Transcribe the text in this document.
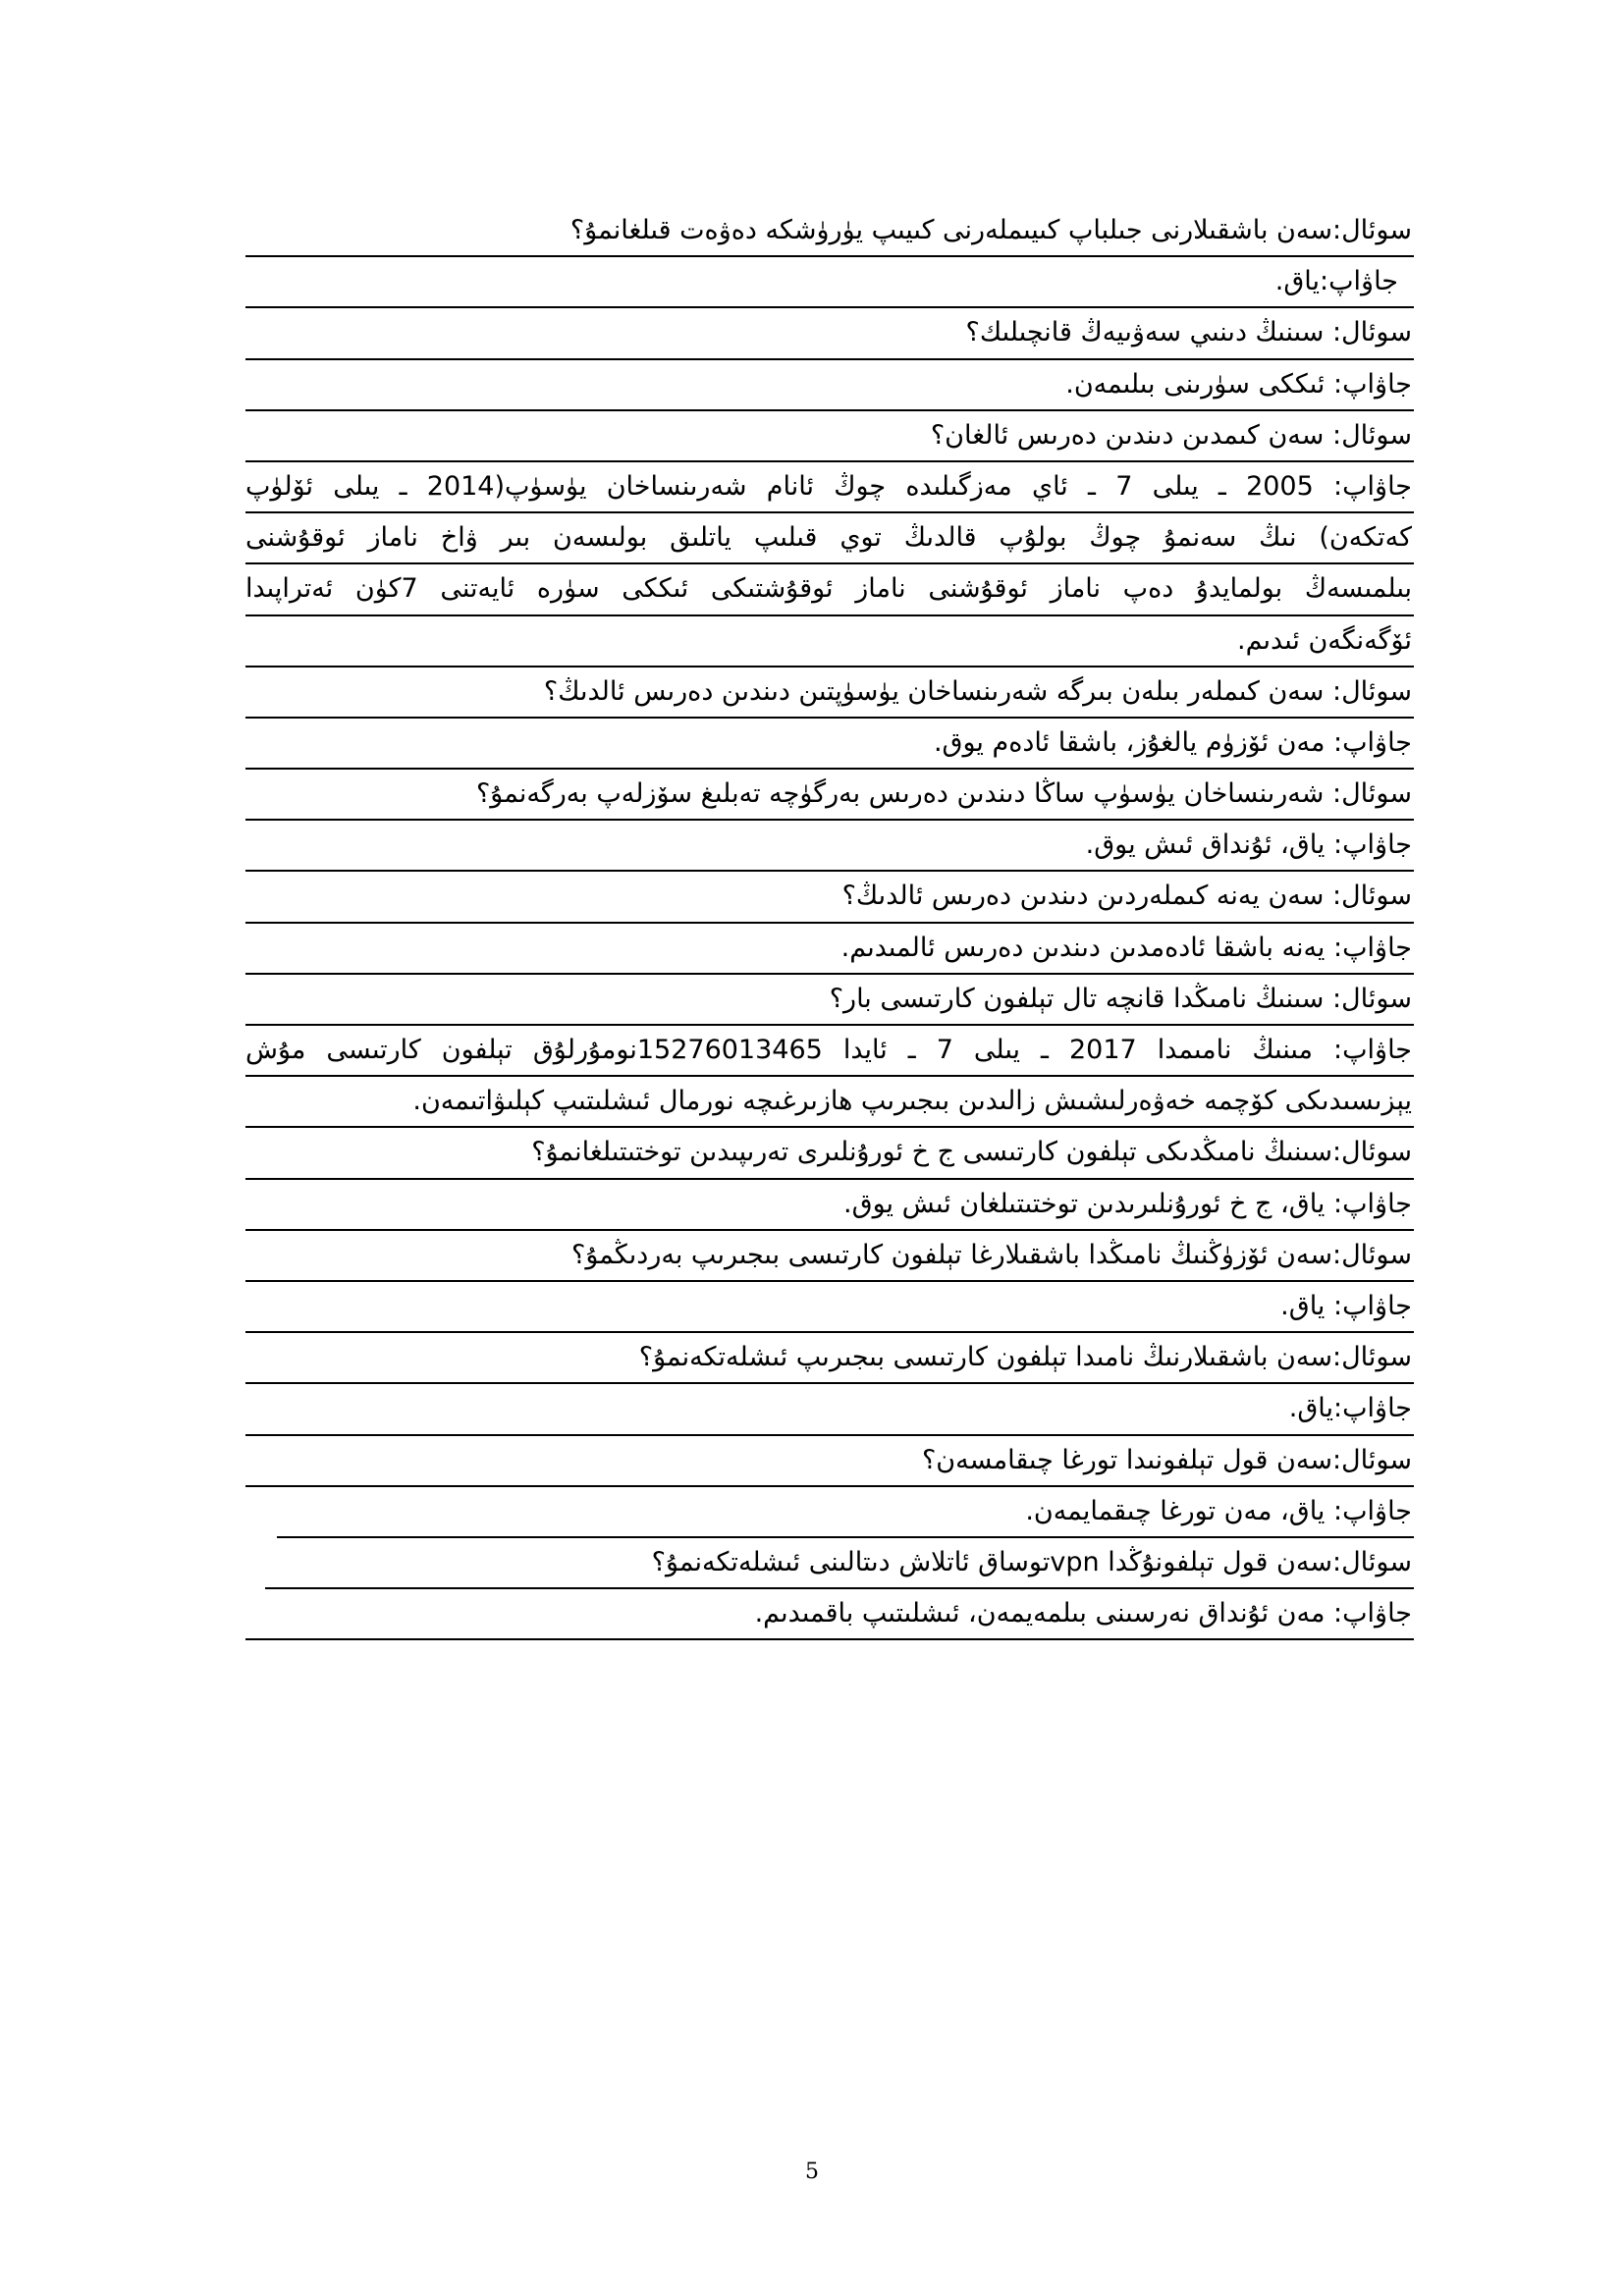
سوئال:سەن باشقىلارنى جىلباپ كىيىملەرنى كىيىپ يۈرۈشكە دەۋەت قىلغانمۇ؟
جاۋاپ:ياق.
سوئال: سىنىڭ دىنىي سەۋىيەڭ قانچىلىك؟
جاۋاپ: ئىككى سۈرىنى بىلىمەن.
سوئال: سەن كىمدىن دىندىن دەرىس ئالغان؟
جاۋاپ: 2005 ـ يىلى 7 ـ ئاي مەزگىلىدە چوڭ ئانام شەرىنساخان يۈسۈپ(2014 ـ يىلى ئۆلۈپ
كەتكەن) نىڭ سەنمۇ چوڭ بولۇپ قالدىڭ توي قىلىپ ياتلىق بولىسەن بىر ۋاخ ناماز ئوقۇشنى
بىلمىسەڭ بولمايدۇ دەپ ناماز ئوقۇشنى ناماز ئوقۇشتىكى ئىككى سۈرە ئايەتنى 7كۈن ئەتراپىدا
ئۆگەنگەن ئىدىم.
سوئال: سەن كىملەر بىلەن بىرگە شەرىنساخان يۈسۈپتىن دىندىن دەرىس ئالدىڭ؟
جاۋاپ: مەن ئۆزۈم يالغۇز، باشقا ئادەم يوق.
سوئال: شەرىنساخان يۈسۈپ ساڭا دىندىن دەرىس بەرگۈچە تەبلىغ سۆزلەپ بەرگەنمۇ؟
جاۋاپ: ياق، ئۇنداق ئىش يوق.
سوئال: سەن يەنە كىملەردىن دىندىن دەرىس ئالدىڭ؟
جاۋاپ: يەنە باشقا ئادەمدىن دىندىن دەرىس ئالمىدىم.
سوئال: سىنىڭ نامىڭدا قانچە تال تېلفون كارتىسى بار؟
جاۋاپ: مىنىڭ نامىمدا 2017 ـ يىلى 7 ـ ئايدا 15276013465نومۇرلۇق تېلفون كارتىسى مۇش
يېزىسىدىكى كۆچمە خەۋەرلىشىش زالىدىن بىجىرىپ ھازىرغىچە نورمال ئىشلىتىپ كېلىۋاتىمەن.
سوئال:سىنىڭ نامىڭدىكى تېلفون كارتىسى ج خ ئورۇنلىرى تەرىپىدىن توختىتىلغانمۇ؟
جاۋاپ: ياق، ج خ ئورۇنلىرىدىن توختىتىلغان ئىش يوق.
سوئال:سەن ئۆزۈڭنىڭ نامىڭدا باشقىلارغا تېلفون كارتىسى بىجىرىپ بەردىڭمۇ؟
جاۋاپ: ياق.
سوئال:سەن باشقىلارنىڭ نامىدا تېلفون كارتىسى بىجىرىپ ئىشلەتكەنمۇ؟
جاۋاپ:ياق.
سوئال:سەن قول تېلفونىدا تورغا چىقامسەن؟
جاۋاپ: ياق، مەن تورغا چىقمايمەن.
سوئال:سەن قول تېلفونۇڭدا vpnتوساق ئاتلاش دىتالىنى ئىشلەتكەنمۇ؟
جاۋاپ: مەن ئۇنداق نەرسىنى بىلمەيمەن، ئىشلىتىپ باقمىدىم.
5
